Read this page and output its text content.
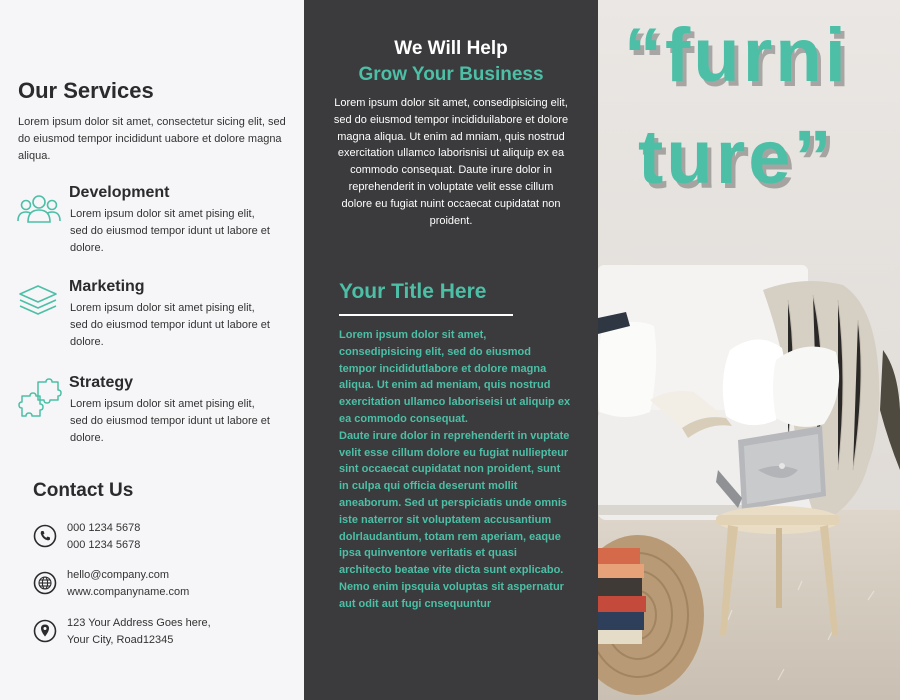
Our Services
Lorem ipsum dolor sit amet, consectetur sicing elit, sed do eiusmod tempor incididunt uabore et dolore magna aliqua.
Development
Lorem ipsum dolor sit amet pising elit, sed do eiusmod tempor idunt ut labore et dolore.
Marketing
Lorem ipsum dolor sit amet pising elit, sed do eiusmod tempor idunt ut labore et dolore.
Strategy
Lorem ipsum dolor sit amet pising elit, sed do eiusmod tempor idunt ut labore et dolore.
Contact Us
000 1234 5678
000 1234 5678
hello@company.com
www.companyname.com
123 Your Address Goes here,
Your City, Road12345
We Will Help
Grow Your Business
Lorem ipsum dolor sit amet, consedipisicing elit, sed do eiusmod tempor incididuilabore et dolore magna aliqua. Ut enim ad mniam, quis nostrud exercitation ullamco laborisnisi ut aliquip ex ea commodo consequat. Daute irure dolor in reprehenderit in voluptate velit esse cillum dolore eu fugiat nuint occaecat cupidatat non proident.
Your Title Here

Lorem ipsum dolor sit amet, consedipisicing elit, sed do eiusmod tempor incididutlabore et dolore magna aliqua. Ut enim ad meniam, quis nostrud exercitation ullamco laboriseisi ut aliquip ex ea commodo consequat.

Daute irure dolor in reprehenderit in vuptate velit esse cillum dolore eu fugiat nulliepteur sint occaecat cupidatat non proident, sunt in culpa qui officia deserunt mollit aneaborum. Sed ut perspiciatis unde omnis iste naterror sit voluptatem accusantium dolrlaudantium, totam rem aperiam, eaque ipsa quinventore veritatis et quasi architecto beatae vite dicta sunt explicabo. Nemo enim ipsquia voluptas sit aspernatur aut odit aut fugi cnsequuntur

“furni
ture”
